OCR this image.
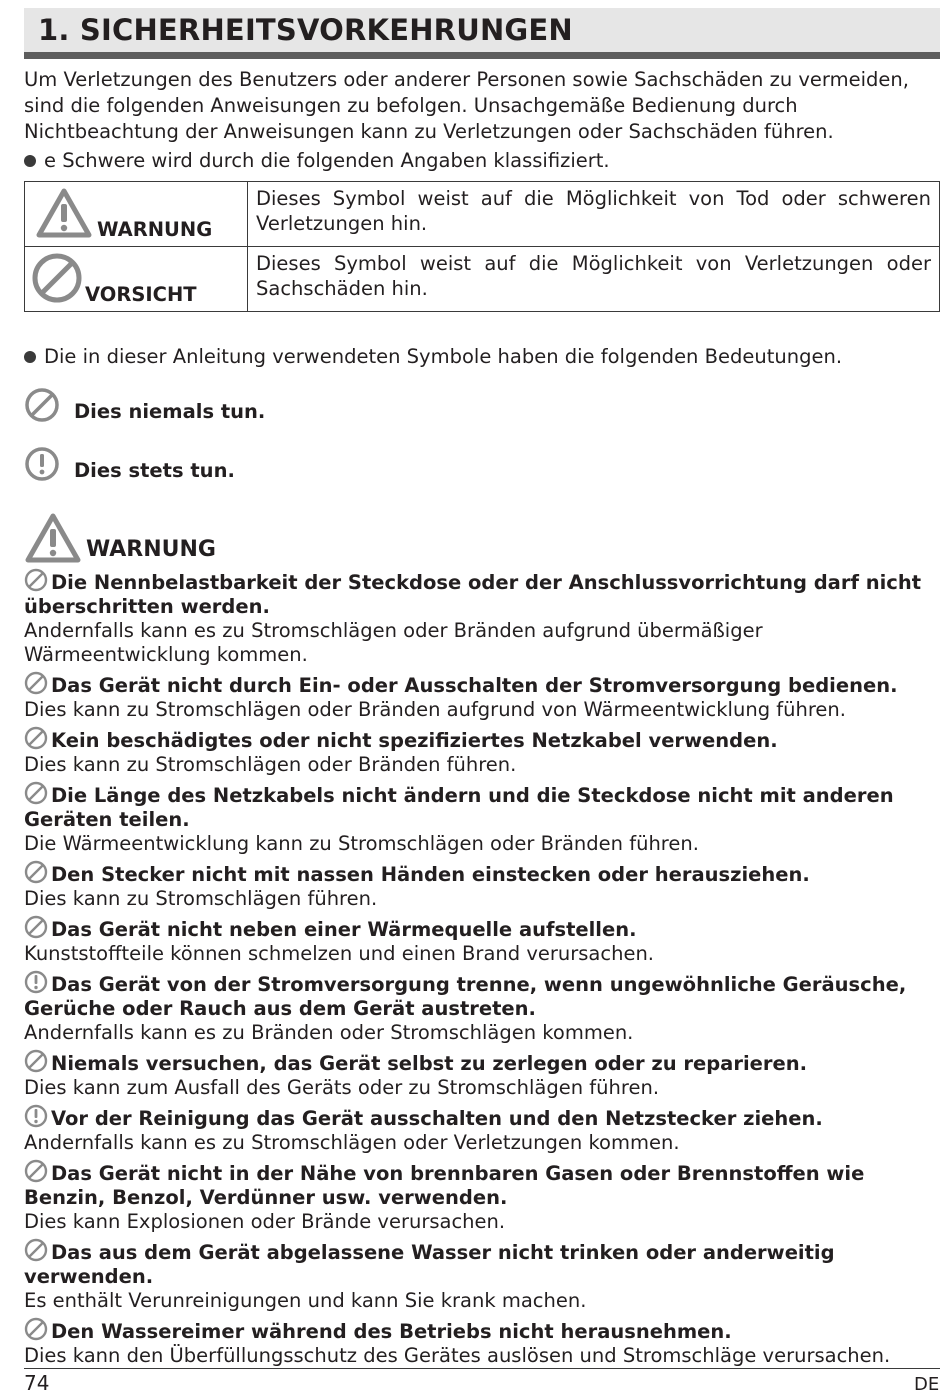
1. SICHERHEITSVORKEHRUNGEN

Um Verletzungen des Benutzers oder anderer Personen sowie Sachschäden zu vermeiden,

sind die folgenden Anweisungen zu befolgen. Unsachgemäße Bedienung durch

Nichtbeachtung der Anweisungen kann zu Verletzungen oder Sachschäden führen.

e Schwere wird durch die folgenden Angaben klassifiziert.
WARNUNG	Dieses Symbol weist auf die Möglichkeit von Tod oder schweren Verletzungen hin.

VORSICHT	Dieses Symbol weist auf die Möglichkeit von Verletzungen oder Sachschäden hin.
Die in dieser Anleitung verwendeten Symbole haben die folgenden Bedeutungen.
Dies niemals tun.
Dies stets tun.
WARNUNG
Die Nennbelastbarkeit der Steckdose oder der Anschlussvorrichtung darf nicht überschritten werden.
Andernfalls kann es zu Stromschlägen oder Bränden aufgrund übermäßiger Wärmeentwicklung kommen.
Das Gerät nicht durch Ein- oder Ausschalten der Stromversorgung bedienen.
Dies kann zu Stromschlägen oder Bränden aufgrund von Wärmeentwicklung führen.
Kein beschädigtes oder nicht spezifiziertes Netzkabel verwenden.
Dies kann zu Stromschlägen oder Bränden führen.
Die Länge des Netzkabels nicht ändern und die Steckdose nicht mit anderen Geräten teilen.
Die Wärmeentwicklung kann zu Stromschlägen oder Bränden führen.
Den Stecker nicht mit nassen Händen einstecken oder herausziehen.
Dies kann zu Stromschlägen führen.
Das Gerät nicht neben einer Wärmequelle aufstellen.
Kunststoffteile können schmelzen und einen Brand verursachen.
Das Gerät von der Stromversorgung trenne, wenn ungewöhnliche Geräusche, Gerüche oder Rauch aus dem Gerät austreten.
Andernfalls kann es zu Bränden oder Stromschlägen kommen.
Niemals versuchen, das Gerät selbst zu zerlegen oder zu reparieren.
Dies kann zum Ausfall des Geräts oder zu Stromschlägen führen.
Vor der Reinigung das Gerät ausschalten und den Netzstecker ziehen.
Andernfalls kann es zu Stromschlägen oder Verletzungen kommen.
Das Gerät nicht in der Nähe von brennbaren Gasen oder Brennstoffen wie Benzin, Benzol, Verdünner usw. verwenden.
Dies kann Explosionen oder Brände verursachen.
Das aus dem Gerät abgelassene Wasser nicht trinken oder anderweitig verwenden.
Es enthält Verunreinigungen und kann Sie krank machen.
Den Wassereimer während des Betriebs nicht herausnehmen.
Dies kann den Überfüllungsschutz des Gerätes auslösen und Stromschläge verursachen.
74	DE
